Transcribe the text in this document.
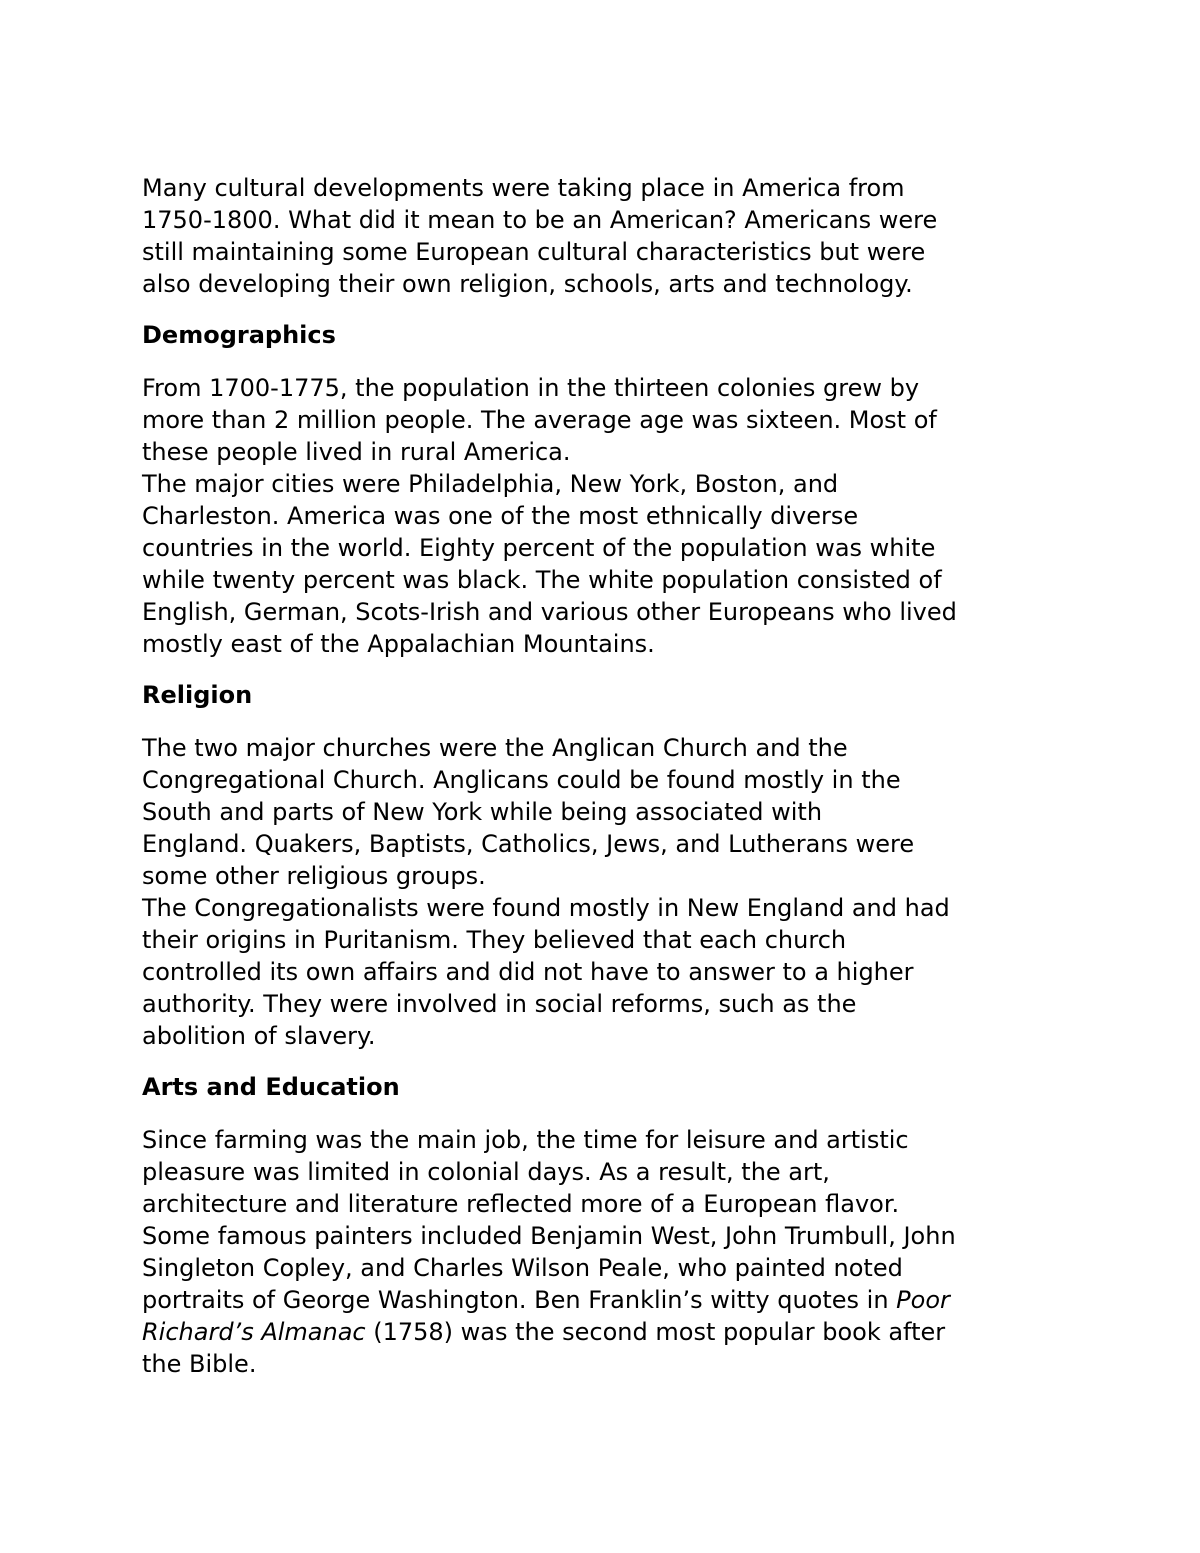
Many cultural developments were taking place in America from
1750-1800. What did it mean to be an American? Americans were
still maintaining some European cultural characteristics but were
also developing their own religion, schools, arts and technology.

Demographics

From 1700-1775, the population in the thirteen colonies grew by
more than 2 million people. The average age was sixteen. Most of
these people lived in rural America.

The major cities were Philadelphia, New York, Boston, and
Charleston. America was one of the most ethnically diverse
countries in the world. Eighty percent of the population was white
while twenty percent was black. The white population consisted of
English, German, Scots-Irish and various other Europeans who lived
mostly east of the Appalachian Mountains.

Religion

The two major churches were the Anglican Church and the
Congregational Church. Anglicans could be found mostly in the
South and parts of New York while being associated with
England. Quakers, Baptists, Catholics, Jews, and Lutherans were
some other religious groups.

The Congregationalists were found mostly in New England and had
their origins in Puritanism. They believed that each church
controlled its own affairs and did not have to answer to a higher
authority. They were involved in social reforms, such as the
abolition of slavery.

Arts and Education

Since farming was the main job, the time for leisure and artistic
pleasure was limited in colonial days. As a result, the art,
architecture and literature reflected more of a European flavor.
Some famous painters included Benjamin West, John Trumbull, John
Singleton Copley, and Charles Wilson Peale, who painted noted
portraits of George Washington. Ben Franklin’s witty quotes in Poor
Richard’s Almanac (1758) was the second most popular book after
the Bible.
